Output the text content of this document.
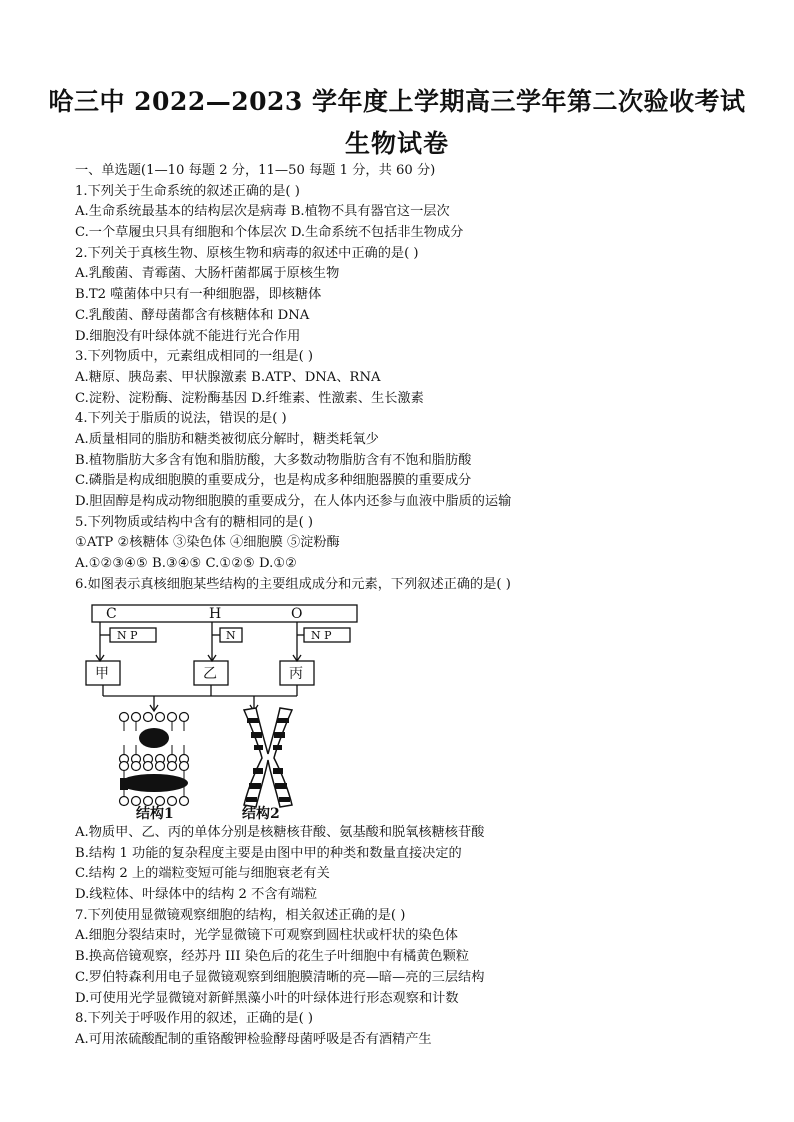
哈三中 2022—2023 学年度上学期高三学年第二次验收考试
生物试卷
一、单选题(1—10 每题 2 分，11—50 每题 1 分，共 60 分)
1.下列关于生命系统的叙述正确的是( )
A.生命系统最基本的结构层次是病毒 B.植物不具有器官这一层次
C.一个草履虫只具有细胞和个体层次 D.生命系统不包括非生物成分
2.下列关于真核生物、原核生物和病毒的叙述中正确的是( )
A.乳酸菌、青霉菌、大肠杆菌都属于原核生物
B.T2 噬菌体中只有一种细胞器，即核糖体
C.乳酸菌、酵母菌都含有核糖体和 DNA
D.细胞没有叶绿体就不能进行光合作用
3.下列物质中，元素组成相同的一组是( )
A.糖原、胰岛素、甲状腺激素 B.ATP、DNA、RNA
C.淀粉、淀粉酶、淀粉酶基因 D.纤维素、性激素、生长激素
4.下列关于脂质的说法，错误的是( )
A.质量相同的脂肪和糖类被彻底分解时，糖类耗氧少
B.植物脂肪大多含有饱和脂肪酸，大多数动物脂肪含有不饱和脂肪酸
C.磷脂是构成细胞膜的重要成分，也是构成多种细胞器膜的重要成分
D.胆固醇是构成动物细胞膜的重要成分，在人体内还参与血液中脂质的运输
5.下列物质或结构中含有的糖相同的是( )
①ATP ②核糖体 ③染色体 ④细胞膜 ⑤淀粉酶
A.①②③④⑤ B.③④⑤ C.①②⑤ D.①②
6.如图表示真核细胞某些结构的主要组成成分和元素，下列叙述正确的是( )
C	H	O
N P	N	N P
甲	乙	丙
结构1	结构2
A.物质甲、乙、丙的单体分别是核糖核苷酸、氨基酸和脱氧核糖核苷酸
B.结构 1 功能的复杂程度主要是由图中甲的种类和数量直接决定的
C.结构 2 上的端粒变短可能与细胞衰老有关
D.线粒体、叶绿体中的结构 2 不含有端粒
7.下列使用显微镜观察细胞的结构，相关叙述正确的是( )
A.细胞分裂结束时，光学显微镜下可观察到圆柱状或杆状的染色体
B.换高倍镜观察，经苏丹 III 染色后的花生子叶细胞中有橘黄色颗粒
C.罗伯特森利用电子显微镜观察到细胞膜清晰的亮—暗—亮的三层结构
D.可使用光学显微镜对新鲜黑藻小叶的叶绿体进行形态观察和计数
8.下列关于呼吸作用的叙述，正确的是( )
A.可用浓硫酸配制的重铬酸钾检验酵母菌呼吸是否有酒精产生
